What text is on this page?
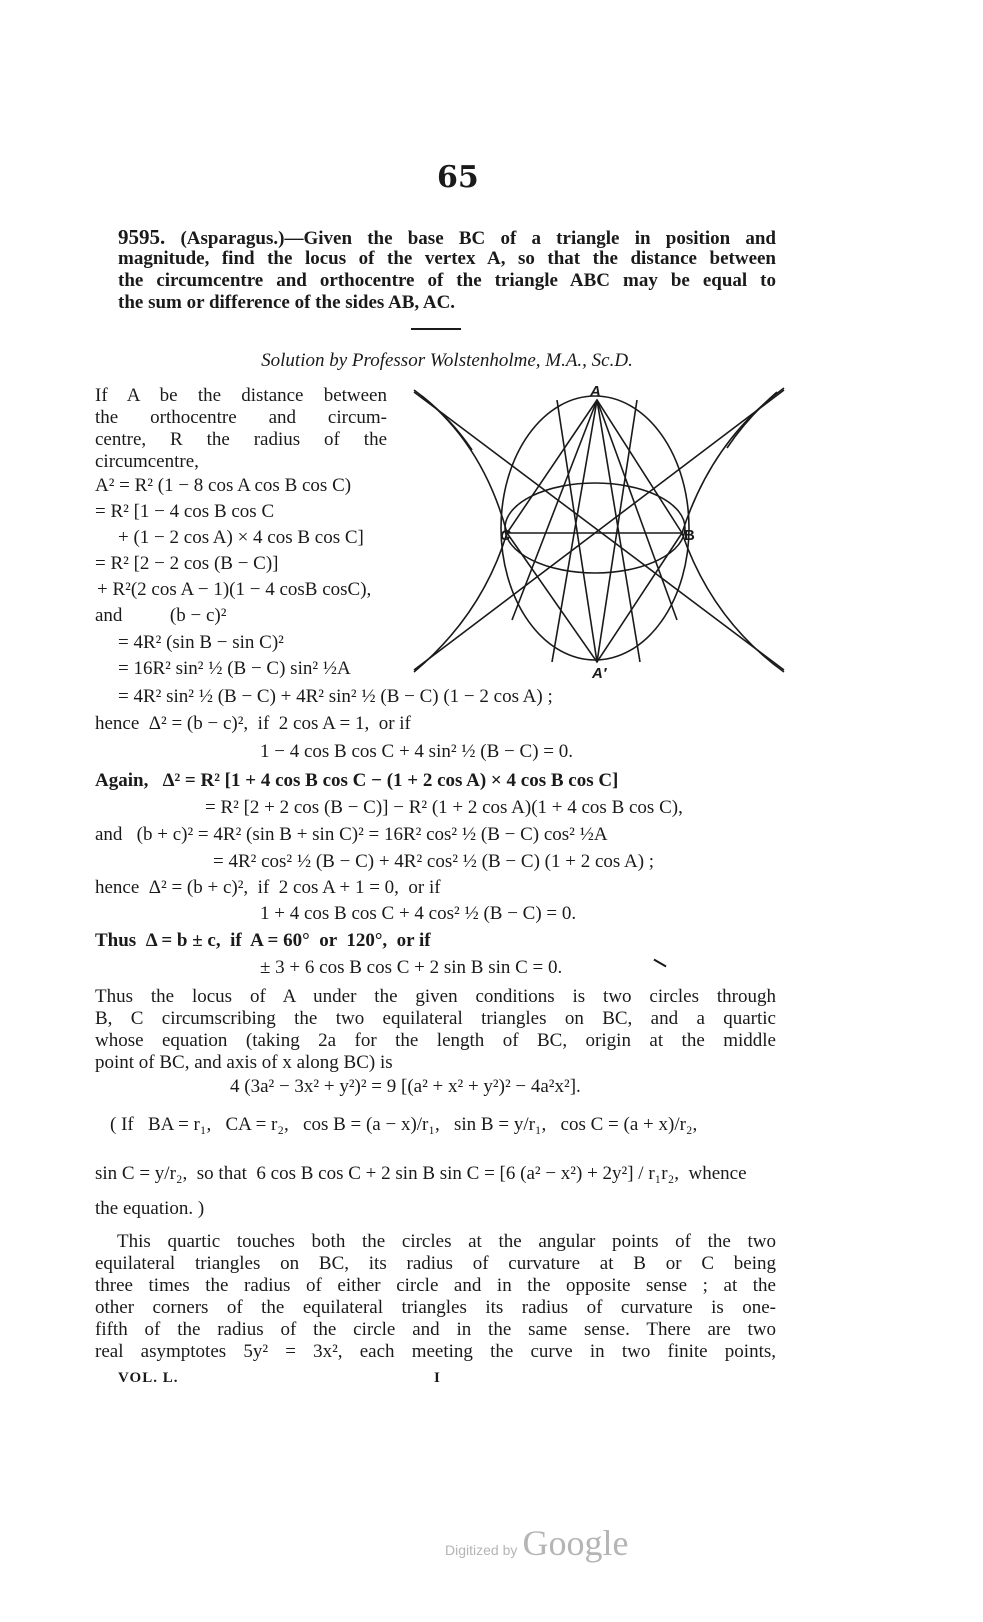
65
9595. (Asparagus.)—Given the base BC of a triangle in position and
magnitude, find the locus of the vertex A, so that the distance between
the circumcentre and orthocentre of the triangle ABC may be equal to
the sum or difference of the sides AB, AC.
Solution by Professor Wolstenholme, M.A., Sc.D.
If A be the distance between
the orthocentre and circum-
centre, R the radius of the
circumcentre,
A² = R² (1 − 8 cos A cos B cos C)
= R² [1 − 4 cos B cos C
+ (1 − 2 cos A) × 4 cos B cos C]
= R² [2 − 2 cos (B − C)]
+ R²(2 cos A − 1)(1 − 4 cosB cosC),
and          (b − c)²
= 4R² (sin B − sin C)²
= 16R² sin² ½ (B − C) sin² ½A
= 4R² sin² ½ (B − C) + 4R² sin² ½ (B − C) (1 − 2 cos A) ;
hence  Δ² = (b − c)²,  if  2 cos A = 1,  or if
1 − 4 cos B cos C + 4 sin² ½ (B − C) = 0.
Again,   Δ² = R² [1 + 4 cos B cos C − (1 + 2 cos A) × 4 cos B cos C]
= R² [2 + 2 cos (B − C)] − R² (1 + 2 cos A)(1 + 4 cos B cos C),
and   (b + c)² = 4R² (sin B + sin C)² = 16R² cos² ½ (B − C) cos² ½A
= 4R² cos² ½ (B − C) + 4R² cos² ½ (B − C) (1 + 2 cos A) ;
hence  Δ² = (b + c)²,  if  2 cos A + 1 = 0,  or if
1 + 4 cos B cos C + 4 cos² ½ (B − C) = 0.
Thus  Δ = b ± c,  if  A = 60°  or  120°,  or if
± 3 + 6 cos B cos C + 2 sin B sin C = 0.
Thus the locus of A under the given conditions is two circles through
B, C circumscribing the two equilateral triangles on BC, and a quartic
whose equation (taking 2a for the length of BC, origin at the middle
point of BC, and axis of x along BC) is
4 (3a² − 3x² + y²)² = 9 [(a² + x² + y²)² − 4a²x²].
( If   BA = r₁,   CA = r₂,   cos B = (a − x)/r₁,   sin B = y/r₁,   cos C = (a + x)/r₂,
sin C = y/r₂,  so that  6 cos B cos C + 2 sin B sin C = [6 (a² − x²) + 2y²] / r₁r₂,  whence
the equation. )
This quartic touches both the circles at the angular points of the two
equilateral triangles on BC, its radius of curvature at B or C being
three times the radius of either circle and in the opposite sense ; at the
other corners of the equilateral triangles its radius of curvature is one-
fifth of the radius of the circle and in the same sense. There are two
real asymptotes 5y² = 3x², each meeting the curve in two finite points,
VOL. L.	I
Digitized by Google
A
C	B
A′
